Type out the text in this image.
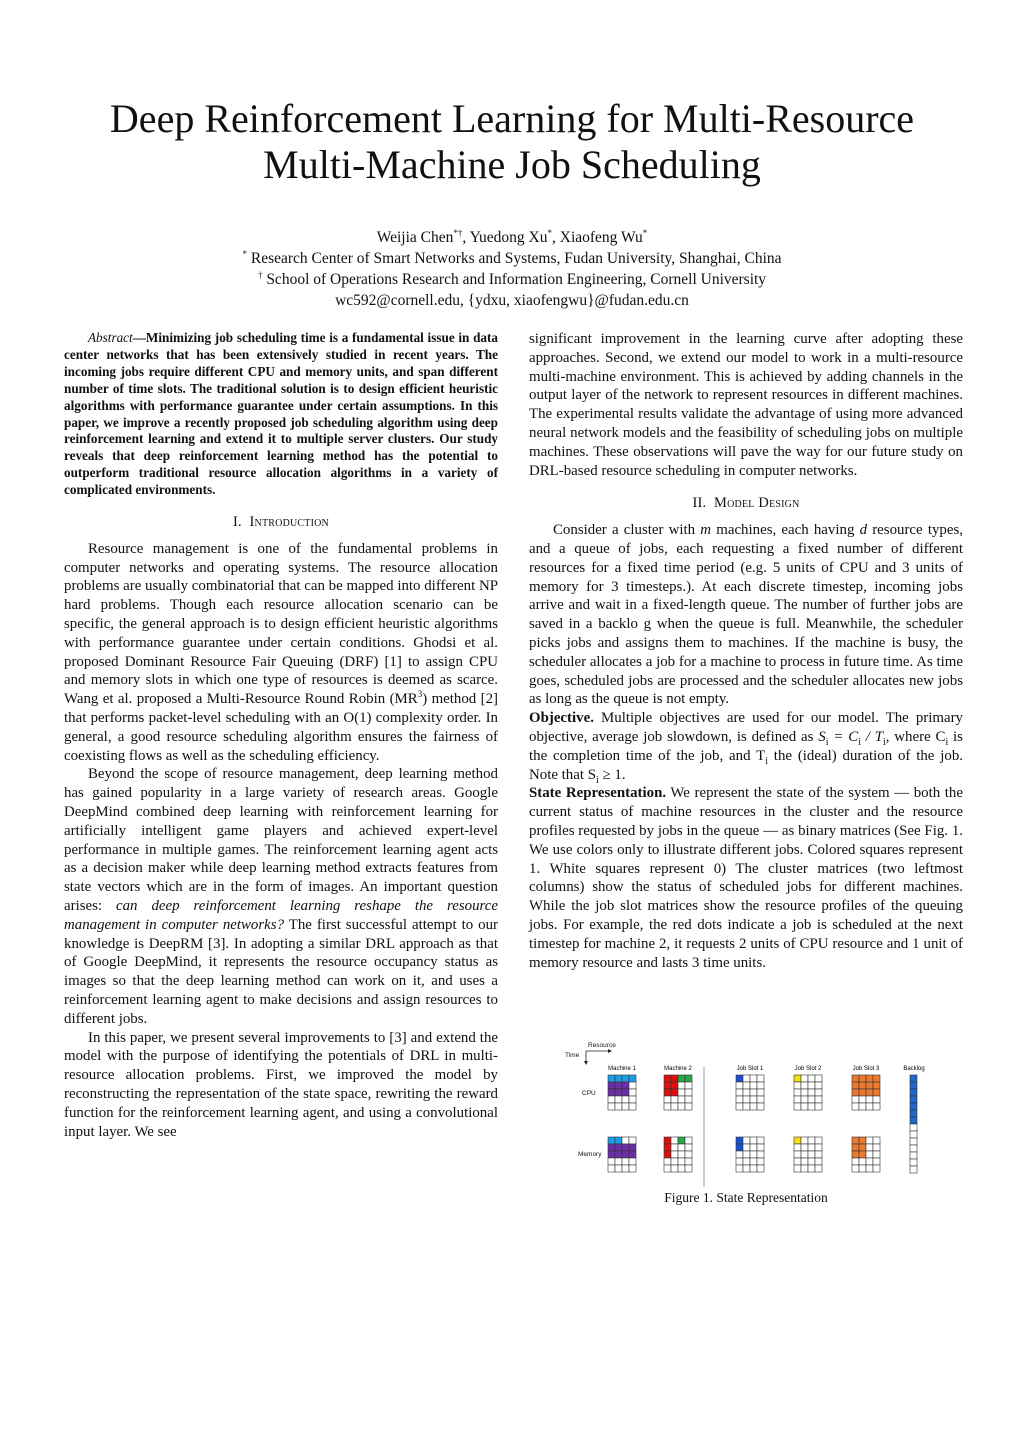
Deep Reinforcement Learning for Multi-Resource
Multi-Machine Job Scheduling
Weijia Chen*†, Yuedong Xu*, Xiaofeng Wu*
* Research Center of Smart Networks and Systems, Fudan University, Shanghai, China
† School of Operations Research and Information Engineering, Cornell University
wc592@cornell.edu, {ydxu, xiaofengwu}@fudan.edu.cn

Abstract—Minimizing job scheduling time is a fundamental issue in data center networks that has been extensively studied in recent years. The incoming jobs require different CPU and memory units, and span different number of time slots. The traditional solution is to design efficient heuristic algorithms with performance guarantee under certain assumptions. In this paper, we improve a recently proposed job scheduling algorithm using deep reinforcement learning and extend it to multiple server clusters. Our study reveals that deep reinforcement learning method has the potential to outperform traditional resource allocation algorithms in a variety of complicated environments.

I. Introduction

Resource management is one of the fundamental problems in computer networks and operating systems. The resource allocation problems are usually combinatorial that can be mapped into different NP hard problems. Though each resource allocation scenario can be specific, the general approach is to design efficient heuristic algorithms with performance guarantee under certain conditions. Ghodsi et al. proposed Dominant Resource Fair Queuing (DRF) [1] to assign CPU and memory slots in which one type of resources is deemed as scarce. Wang et al. proposed a Multi-Resource Round Robin $(MR^3)$ method [2] that performs packet-level scheduling with an O(1) complexity order. In general, a good resource scheduling algorithm ensures the fairness of coexisting flows as well as the scheduling efficiency.

Beyond the scope of resource management, deep learning method has gained popularity in a large variety of research areas. Google DeepMind combined deep learning with reinforcement learning for artificially intelligent game players and achieved expert-level performance in multiple games. The reinforcement learning agent acts as a decision maker while deep learning method extracts features from state vectors which are in the form of images. An important question arises: can deep reinforcement learning reshape the resource management in computer networks? The first successful attempt to our knowledge is DeepRM [3]. In adopting a similar DRL approach as that of Google DeepMind, it represents the resource occupancy status as images so that the deep learning method can work on it, and uses a reinforcement learning agent to make decisions and assign resources to different jobs.

In this paper, we present several improvements to [3] and extend the model with the purpose of identifying the potentials of DRL in multi-resource allocation problems. First, we improved the model by reconstructing the representation of the state space, rewriting the reward function for the reinforcement learning agent, and using a convolutional input layer. We see

significant improvement in the learning curve after adopting these approaches. Second, we extend our model to work in a multi-resource multi-machine environment. This is achieved by adding channels in the output layer of the network to represent resources in different machines. The experimental results validate the advantage of using more advanced neural network models and the feasibility of scheduling jobs on multiple machines. These observations will pave the way for our future study on DRL-based resource scheduling in computer networks.

II. Model Design

Consider a cluster with m machines, each having d resource types, and a queue of jobs, each requesting a fixed number of different resources for a fixed time period (e.g. 5 units of CPU and 3 units of memory for 3 timesteps.). At each discrete timestep, incoming jobs arrive and wait in a fixed-length queue. The number of further jobs are saved in a backlo g when the queue is full. Meanwhile, the scheduler picks jobs and assigns them to machines. If the machine is busy, the scheduler allocates a job for a machine to process in future time. As time goes, scheduled jobs are processed and the scheduler allocates new jobs as long as the queue is not empty.

Objective. Multiple objectives are used for our model. The primary objective, average job slowdown, is defined as $S_i = C_i / T_i$, where $C_i$ is the completion time of the job, and $T_i$ the (ideal) duration of the job. Note that $S_i \ge 1$.

State Representation. We represent the state of the system — both the current status of machine resources in the cluster and the resource profiles requested by jobs in the queue — as binary matrices (See Fig. 1. We use colors only to illustrate different jobs. Colored squares represent 1. White squares represent 0) The cluster matrices (two leftmost columns) show the status of scheduled jobs for different machines. While the job slot matrices show the resource profiles of the queuing jobs. For example, the red dots indicate a job is scheduled at the next timestep for machine 2, it requests 2 units of CPU resource and 1 unit of memory resource and lasts 3 time units.

Time
Resource
CPU
Memory
Machine 1	Machine 2	Job Slot 1	Job Slot 2	Job Slot 3	Backlog
Figure 1. State Representation
